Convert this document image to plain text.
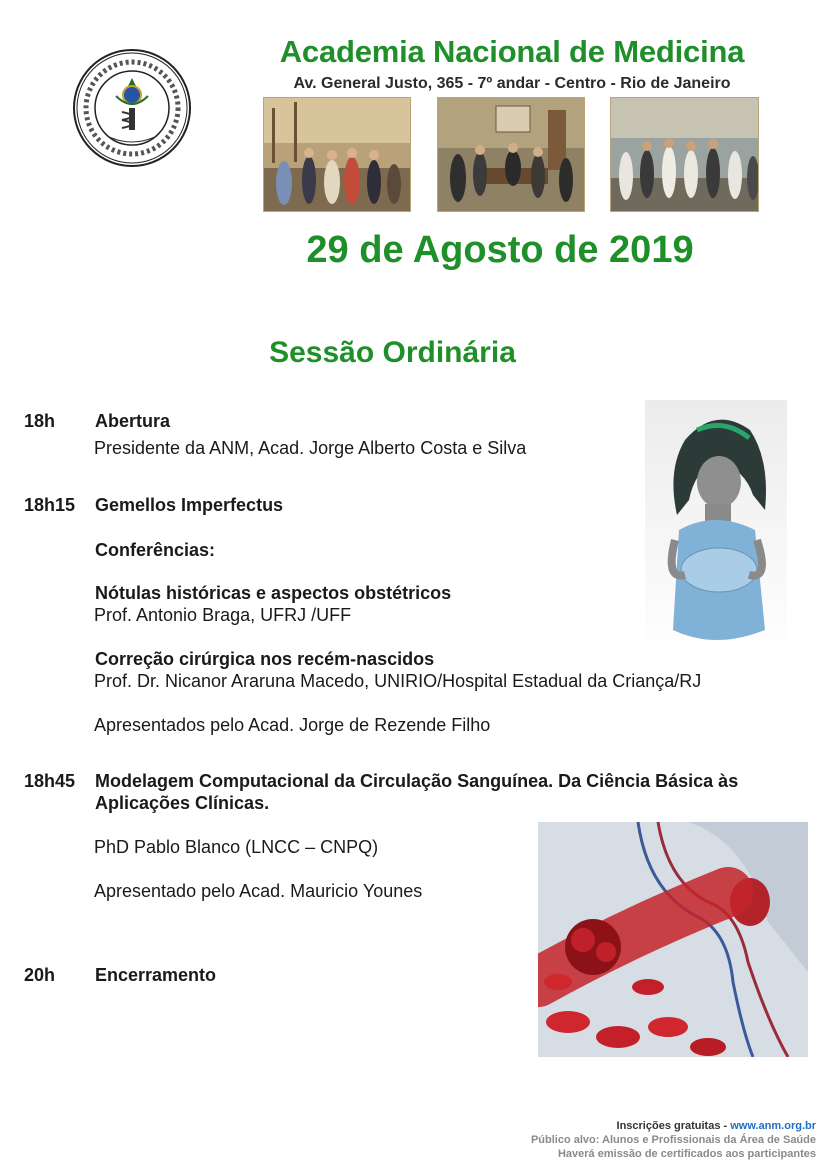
Academia Nacional de Medicina
Av. General Justo, 365 - 7º andar - Centro - Rio de Janeiro
29 de Agosto de 2019
Sessão Ordinária
18h Abertura
Presidente da ANM, Acad. Jorge Alberto Costa e Silva
18h15 Gemellos Imperfectus
Conferências:
Nótulas históricas e aspectos obstétricos
Prof. Antonio Braga, UFRJ /UFF
Correção cirúrgica nos recém-nascidos
Prof. Dr. Nicanor Araruna Macedo, UNIRIO/Hospital Estadual da Criança/RJ
Apresentados pelo Acad. Jorge de Rezende Filho
18h45 Modelagem Computacional da Circulação Sanguínea. Da Ciência Básica às
Aplicações Clínicas.
PhD Pablo Blanco (LNCC – CNPQ)
Apresentado pelo Acad. Mauricio Younes
20h Encerramento
Inscrições gratuitas - www.anm.org.br
Público alvo: Alunos e Profissionais da Área de Saúde
Haverá emissão de certificados aos participantes
